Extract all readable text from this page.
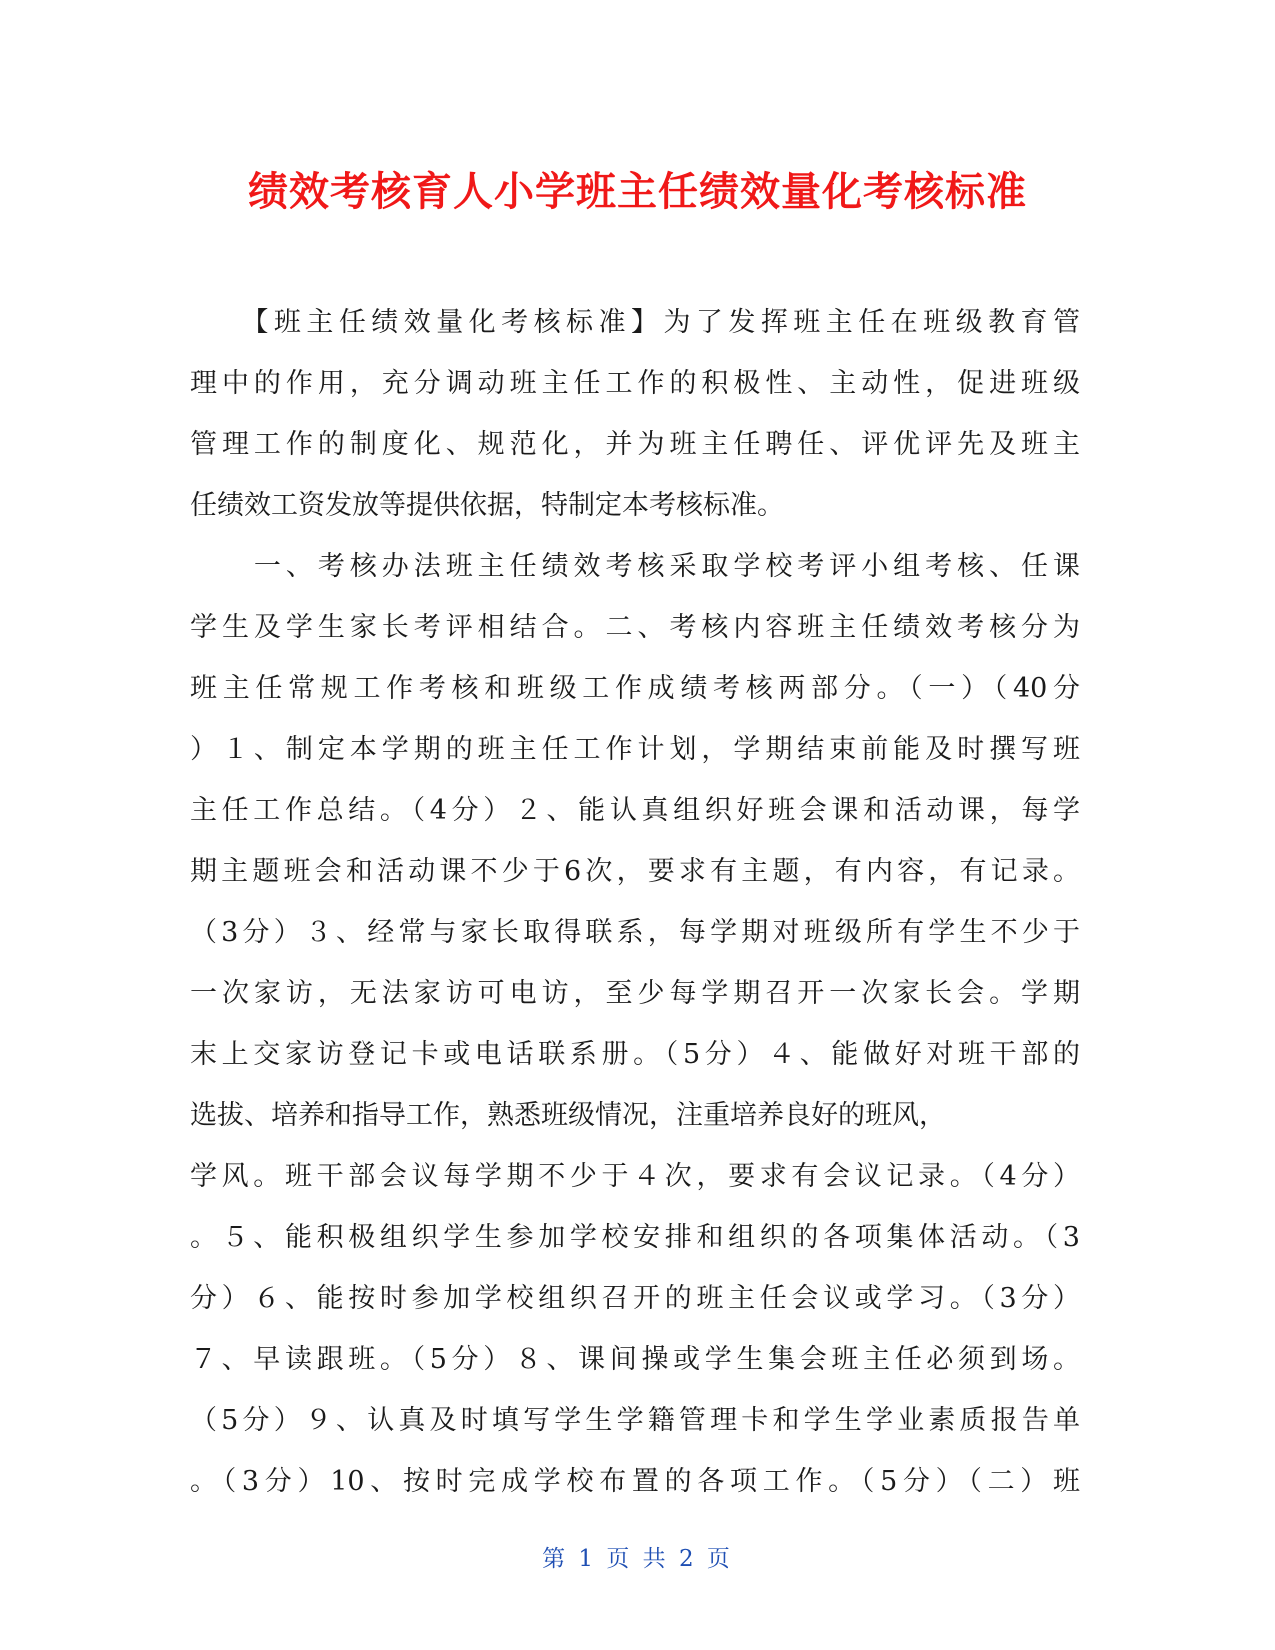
绩效考核育人小学班主任绩效量化考核标准
　　【班主任绩效量化考核标准】为了发挥班主任在班级教育管
理中的作用，充分调动班主任工作的积极性、主动性，促进班级
管理工作的制度化、规范化，并为班主任聘任、评优评先及班主
任绩效工资发放等提供依据，特制定本考核标准。
　　一、考核办法班主任绩效考核采取学校考评小组考核、任课
学生及学生家长考评相结合。二、考核内容班主任绩效考核分为
班主任常规工作考核和班级工作成绩考核两部分。（一）（40分
）１、制定本学期的班主任工作计划，学期结束前能及时撰写班
主任工作总结。（4分）２、能认真组织好班会课和活动课，每学
期主题班会和活动课不少于6次，要求有主题，有内容，有记录。
（3分）３、经常与家长取得联系，每学期对班级所有学生不少于
一次家访，无法家访可电访，至少每学期召开一次家长会。学期
末上交家访登记卡或电话联系册。（5分）４、能做好对班干部的
选拔、培养和指导工作，熟悉班级情况，注重培养良好的班风，
学风。班干部会议每学期不少于４次，要求有会议记录。（4分）
。５、能积极组织学生参加学校安排和组织的各项集体活动。（3
分）６、能按时参加学校组织召开的班主任会议或学习。（3分）
７、早读跟班。（5分）８、课间操或学生集会班主任必须到场。
（5分）９、认真及时填写学生学籍管理卡和学生学业素质报告单
。（3分）10、按时完成学校布置的各项工作。（5分）（二）班
第 1 页 共 2 页
